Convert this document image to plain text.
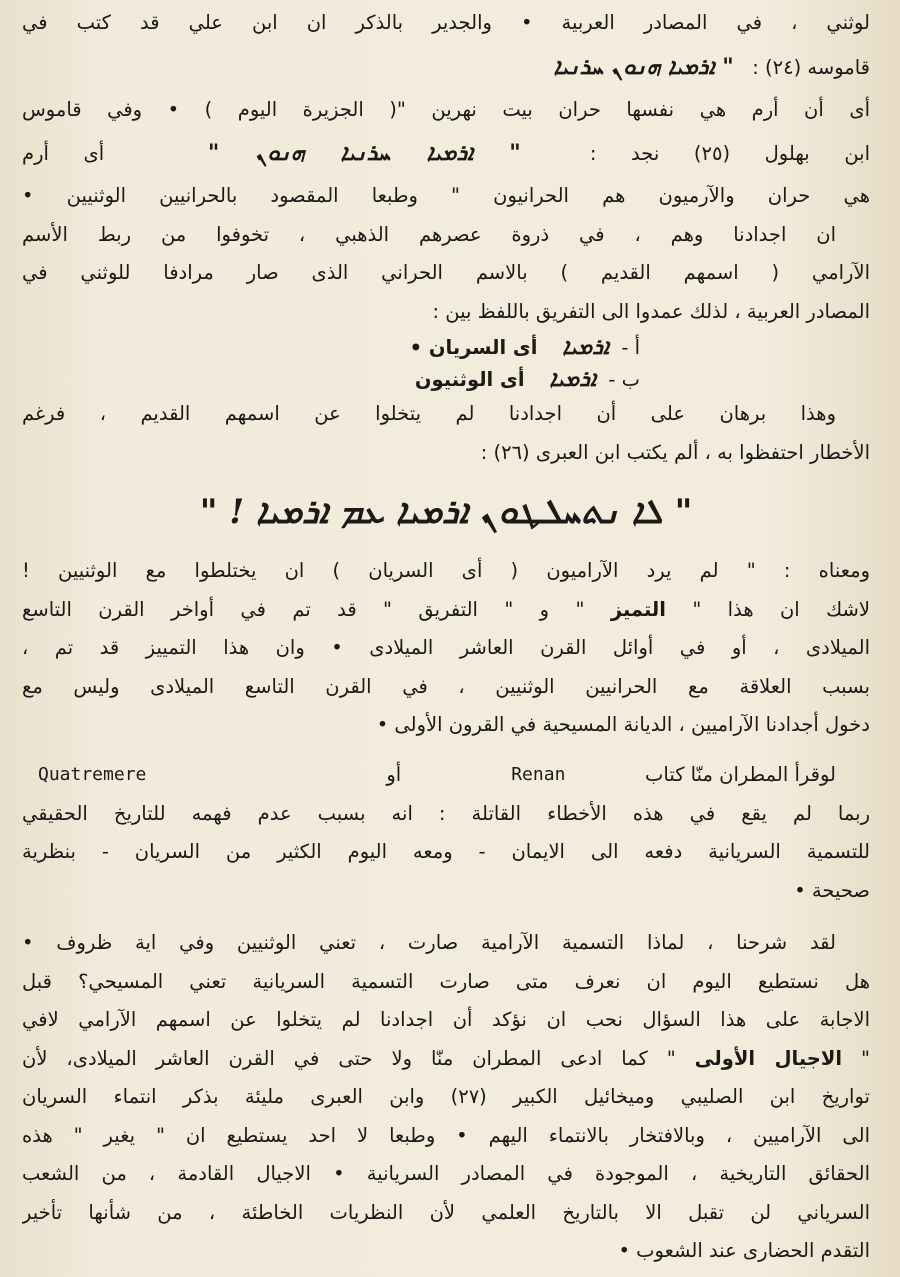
لوثني ، في المصادر العربية • والجدير بالذكر ان ابن علي قد كتب في
قاموسه (٢٤) :   " ܐܪܡܝܐ ܗܢܘܢ ܚܪܢܝܐ
أى أن أرم هي نفسها حران بيت نهرين "( الجزيرة اليوم ) • وفي قاموس
ابن بهلول (٢٥) نجد :  " ܐܪܡܝܐ ܚܪܢܝܐ ܗܢܘܢ "   أى أرم
هي حران والآرميون هم الحرانيون " وطبعا المقصود بالحرانيين الوثنيين •
ان اجدادنا وهم ، في ذروة عصرهم الذهبي ، تخوفوا من ربط الأسم
الآرامي ( اسمهم القديم ) بالاسم الحراني الذى صار مرادفا للوثني في
المصادر العربية ، لذلك عمدوا الى التفريق باللفظ بين :
أ -  ܐܪܡܝܐ    أى السريان •
ب -  ܐܪܡܝܐ    أى الوثنيون
وهذا برهان على أن اجدادنا لم يتخلوا عن اسمهم القديم ، فرغم
الأخطار احتفظوا به ، ألم يكتب ابن العبرى (٢٦) :
" ܠܐ ܢܬܚܠܛܘܢ ܐܪܡܝܐ ܥܡ ܐܪܡܝܐ ! "
ومعناه : " لم يرد الآراميون ( أى السريان ) ان يختلطوا مع الوثنيين !
لاشك ان هذا " التميز " و " التفريق " قد تم في أواخر القرن التاسع
الميلادى ، أو في أوائل القرن العاشر الميلادى • وان هذا التمييز قد تم ،
بسبب العلاقة مع الحرانيين الوثنيين ، في القرن التاسع الميلادى وليس مع
دخول أجدادنا الآراميين ، الديانة المسيحية في القرون الأولى •
Quatremere	أو	Renan	لوقرأ المطران منّا كتاب
ربما لم يقع في هذه الأخطاء القاتلة : انه بسبب عدم فهمه للتاريخ الحقيقي
للتسمية السريانية دفعه الى الايمان - ومعه اليوم الكثير من السريان - بنظرية
صحيحة •
لقد شرحنا ، لماذا التسمية الآرامية صارت ، تعني الوثنيين وفي اية ظروف •
هل نستطيع اليوم ان نعرف متى صارت التسمية السريانية تعني المسيحي؟ قبل
الاجابة على هذا السؤال نحب ان نؤكد أن اجدادنا لم يتخلوا عن اسمهم الآرامي لافي
" الاجيال الأولى " كما ادعى المطران منّا ولا حتى في القرن العاشر الميلادى، لأن
تواريخ ابن الصليبي وميخائيل الكبير (٢٧) وابن العبرى مليئة بذكر انتماء السريان
الى الآراميين ، وبالافتخار بالانتماء اليهم • وطبعا لا احد يستطيع ان " يغير " هذه
الحقائق التاريخية ، الموجودة في المصادر السريانية • الاجيال القادمة ، من الشعب
السرياني لن تقبل الا بالتاريخ العلمي لأن النظريات الخاطئة ، من شأنها تأخير
التقدم الحضارى عند الشعوب •
